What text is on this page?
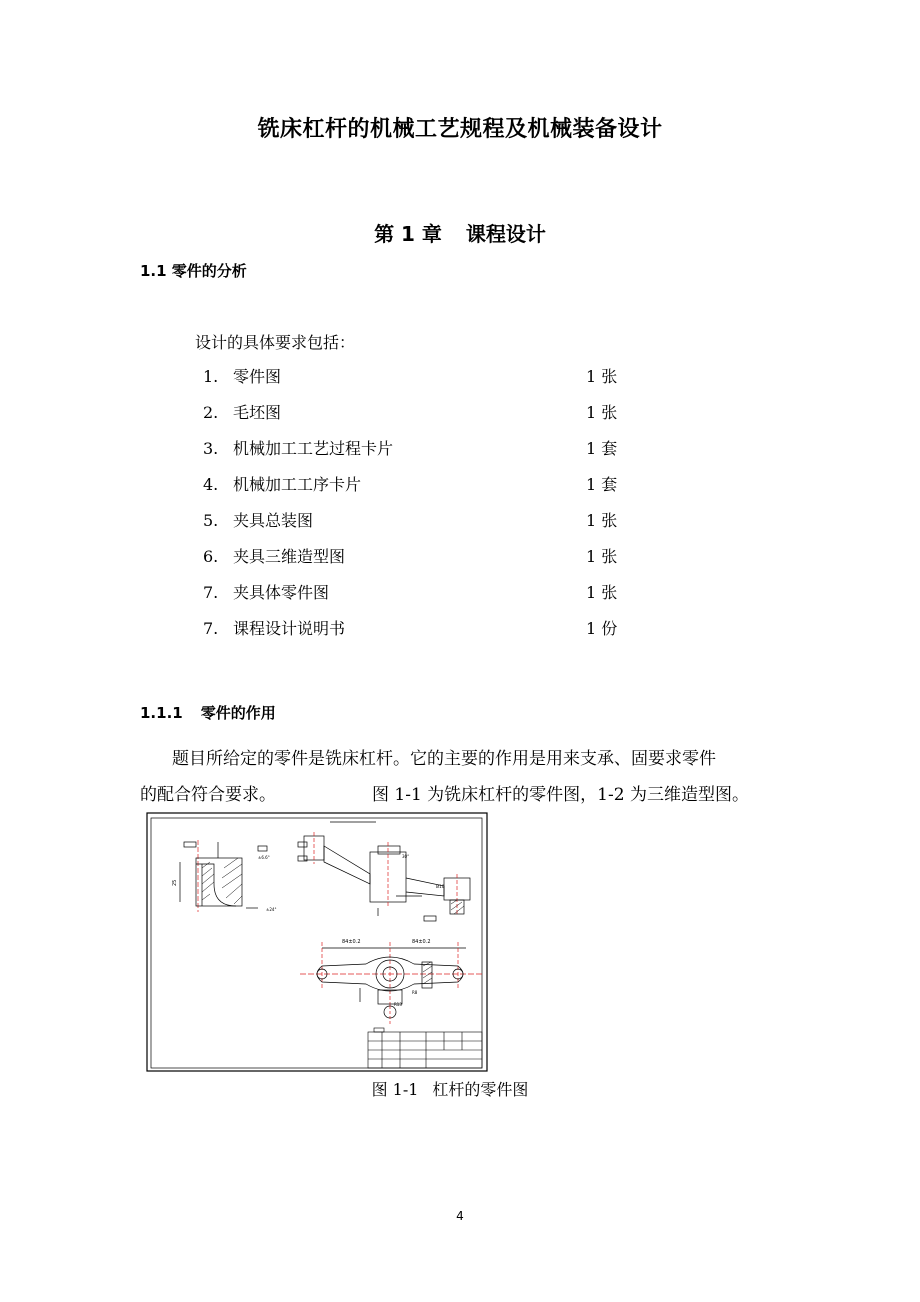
铣床杠杆的机械工艺规程及机械装备设计
第 1 章 课程设计
1.1 零件的分析
设计的具体要求包括：
1. 零件图	1 张
2. 毛坯图	1 张
3. 机械加工工艺过程卡片	1 套
4. 机械加工工序卡片	1 套
5. 夹具总装图	1 张
6. 夹具三维造型图	1 张
7. 夹具体零件图	1 张
7. 课程设计说明书	1 份
1.1.1 零件的作用
题目所给定的零件是铣床杠杆。它的主要的作用是用来支承、固要求零件
的配合符合要求。	图 1-1 为铣床杠杆的零件图，1-2 为三维造型图。
25
±6.6°
±24°
30°
Ø10
84±0.2	84±0.2
R13
R8
图 1-1 杠杆的零件图
4
